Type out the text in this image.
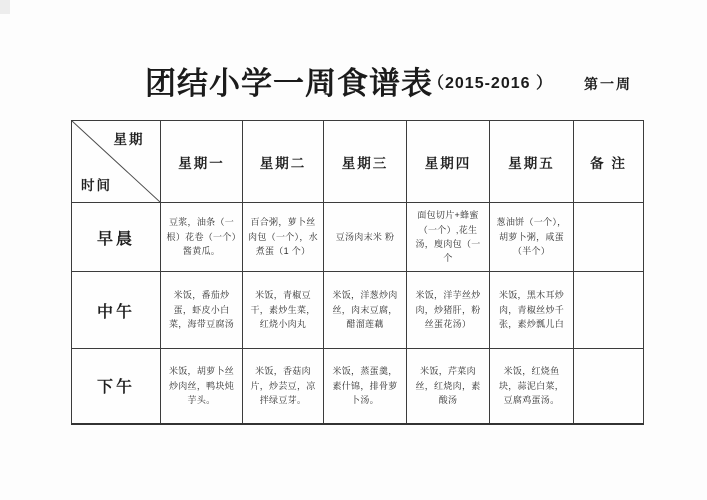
团结小学一周食谱表
（2015-2016 ） 第一周
星期
时间	星期一	星期二	星期三	星期四	星期五	备 注
早晨	豆浆，油条（一根）花卷（一个）酱黄瓜。	百合粥，萝卜丝肉包（一个），水煮蛋（1 个）	豆汤肉末米 粉	面包切片+蜂蜜（一个）,花生汤，廋肉包（一个	葱油饼（一个），胡萝卜粥，咸蛋（半个）	
中午	米饭，番茄炒蛋，虾皮小白菜，海带豆腐汤	米饭，青椒豆干，素炒生菜，红烧小肉丸	米饭，洋葱炒肉丝，肉末豆腐，醋溜莲藕	米饭，洋芋丝炒肉，炒猪肝，粉丝蛋花汤）	米饭，黑木耳炒肉，青椒丝炒千张，素炒瓢儿白	
下午	米饭，胡萝卜丝炒肉丝，鸭块炖芋头。	米饭，香菇肉片，炒芸豆，凉拌绿豆芽。	米饭，蒸蛋羹，素什锦，排骨萝卜汤。	米饭，芹菜肉丝，红烧肉，素酸汤	米饭，红烧鱼块，蒜泥白菜，豆腐鸡蛋汤。	
